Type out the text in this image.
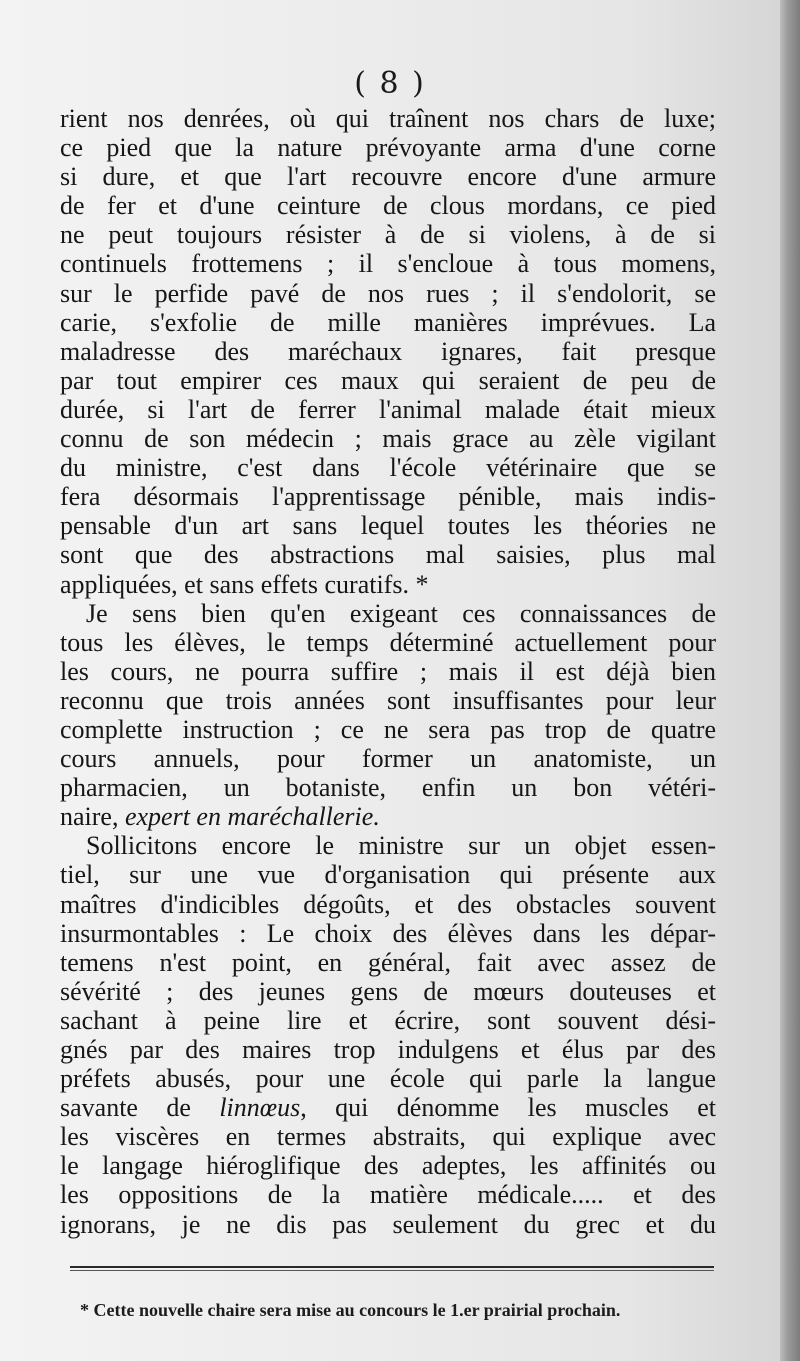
( 8 )

rient nos denrées, où qui traînent nos chars de luxe;
ce pied que la nature prévoyante arma d'une corne
si dure, et que l'art recouvre encore d'une armure
de fer et d'une ceinture de clous mordans, ce pied
ne peut toujours résister à de si violens, à de si
continuels frottemens ; il s'encloue à tous momens,
sur le perfide pavé de nos rues ; il s'endolorit, se
carie, s'exfolie de mille manières imprévues. La
maladresse des maréchaux ignares, fait presque
par tout empirer ces maux qui seraient de peu de
durée, si l'art de ferrer l'animal malade était mieux
connu de son médecin ; mais grace au zèle vigilant
du ministre, c'est dans l'école vétérinaire que se
fera désormais l'apprentissage pénible, mais indis-
pensable d'un art sans lequel toutes les théories ne
sont que des abstractions mal saisies, plus mal
appliquées, et sans effets curatifs. *
Je sens bien qu'en exigeant ces connaissances de
tous les élèves, le temps déterminé actuellement pour
les cours, ne pourra suffire ; mais il est déjà bien
reconnu que trois années sont insuffisantes pour leur
complette instruction ; ce ne sera pas trop de quatre
cours annuels, pour former un anatomiste, un
pharmacien, un botaniste, enfin un bon vétéri-
naire, expert en maréchallerie.
Sollicitons encore le ministre sur un objet essen-
tiel, sur une vue d'organisation qui présente aux
maîtres d'indicibles dégoûts, et des obstacles souvent
insurmontables : Le choix des élèves dans les dépar-
temens n'est point, en général, fait avec assez de
sévérité ; des jeunes gens de mœurs douteuses et
sachant à peine lire et écrire, sont souvent dési-
gnés par des maires trop indulgens et élus par des
préfets abusés, pour une école qui parle la langue
savante de linnœus, qui dénomme les muscles et
les viscères en termes abstraits, qui explique avec
le langage hiéroglifique des adeptes, les affinités ou
les oppositions de la matière médicale..... et des
ignorans, je ne dis pas seulement du grec et du

* Cette nouvelle chaire sera mise au concours le 1.er prairial prochain.
